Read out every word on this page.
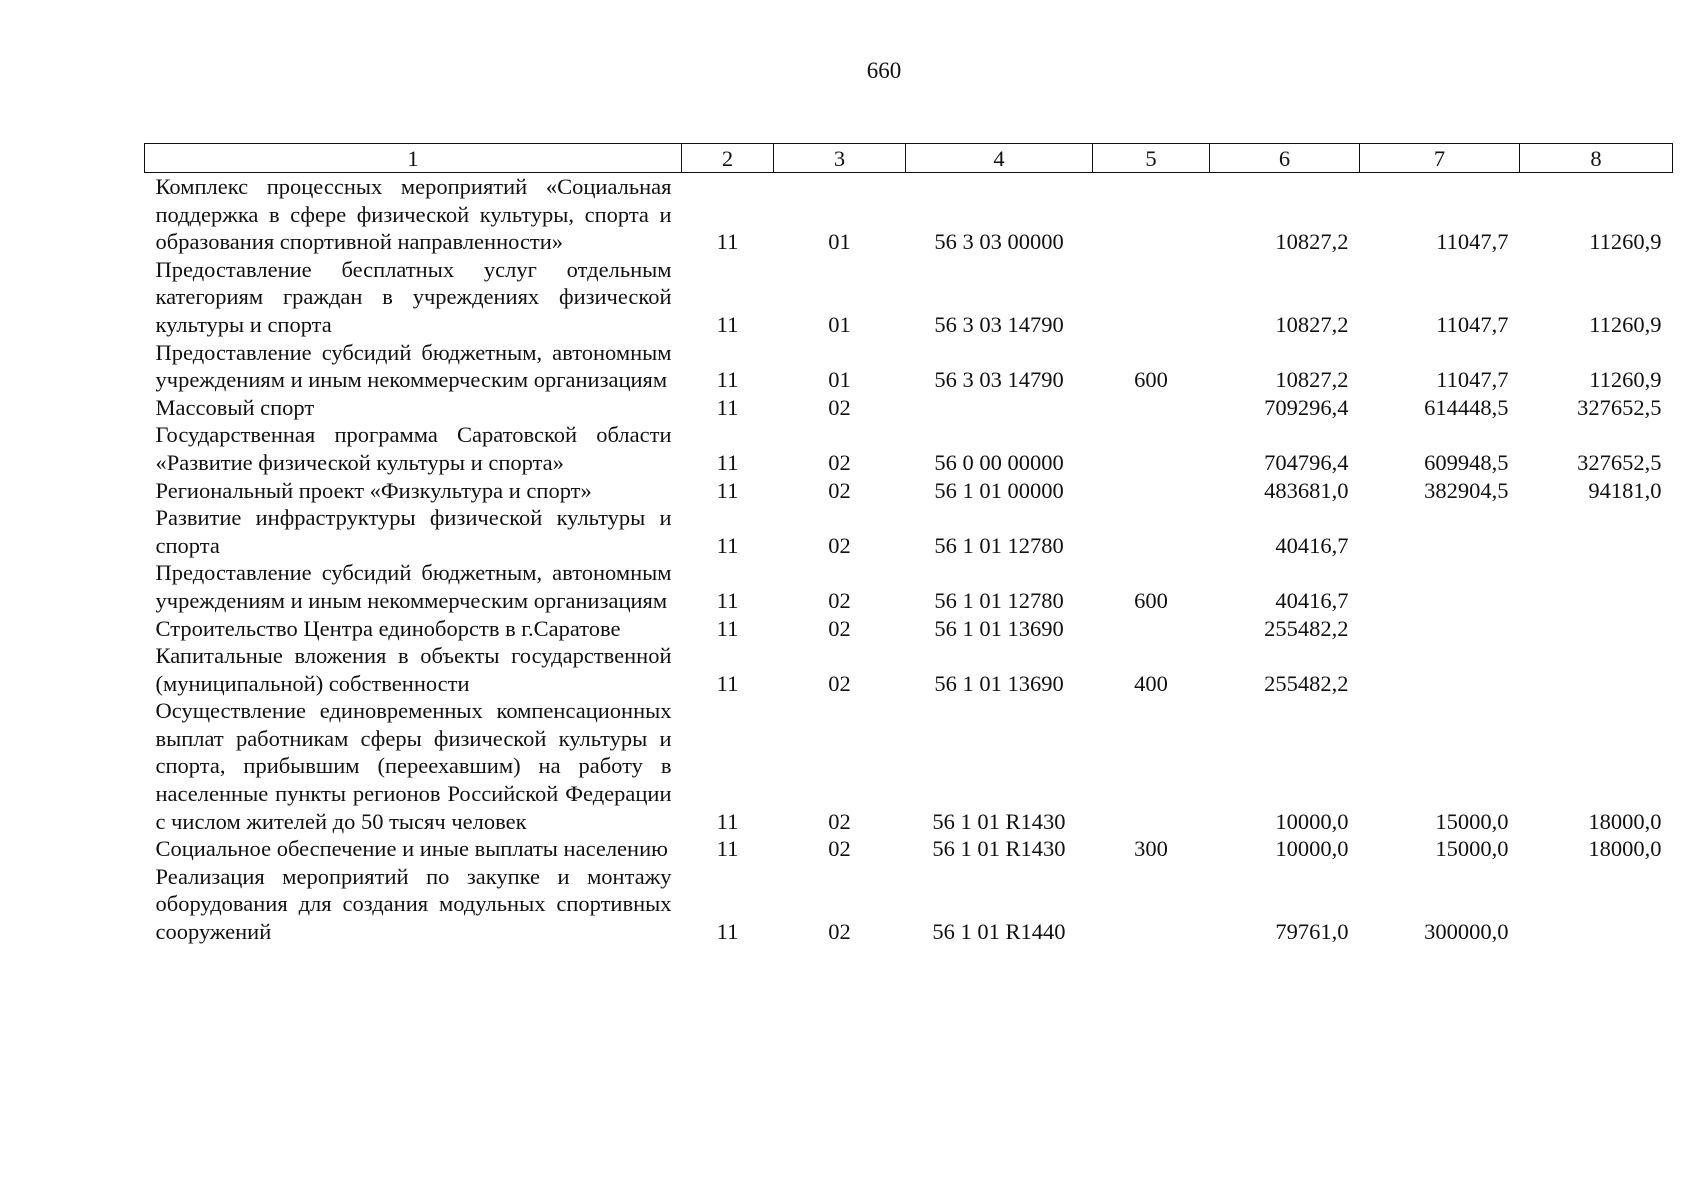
660
1	2	3	4	5	6	7	8
Комплекс процессных мероприятий «Социальная поддержка в сфере физической культуры, спорта и образования спортивной направленности»	11	01	56 3 03 00000		10827,2	11047,7	11260,9
Предоставление бесплатных услуг отдельным категориям граждан в учреждениях физической культуры и спорта	11	01	56 3 03 14790		10827,2	11047,7	11260,9
Предоставление субсидий бюджетным, автономным учреждениям и иным некоммерческим организациям	11	01	56 3 03 14790	600	10827,2	11047,7	11260,9
Массовый спорт	11	02			709296,4	614448,5	327652,5
Государственная программа Саратовской области «Развитие физической культуры и спорта»	11	02	56 0 00 00000		704796,4	609948,5	327652,5
Региональный проект «Физкультура и спорт»	11	02	56 1 01 00000		483681,0	382904,5	94181,0
Развитие инфраструктуры физической культуры и спорта	11	02	56 1 01 12780		40416,7		
Предоставление субсидий бюджетным, автономным учреждениям и иным некоммерческим организациям	11	02	56 1 01 12780	600	40416,7		
Строительство Центра единоборств в г.Саратове	11	02	56 1 01 13690		255482,2		
Капитальные вложения в объекты государственной (муниципальной) собственности	11	02	56 1 01 13690	400	255482,2		
Осуществление единовременных компенсационных выплат работникам сферы физической культуры и спорта, прибывшим (переехавшим) на работу в населенные пункты регионов Российской Федерации с числом жителей до 50 тысяч человек	11	02	56 1 01 R1430		10000,0	15000,0	18000,0
Социальное обеспечение и иные выплаты населению	11	02	56 1 01 R1430	300	10000,0	15000,0	18000,0
Реализация мероприятий по закупке и монтажу оборудования для создания модульных спортивных сооружений	11	02	56 1 01 R1440		79761,0	300000,0	
